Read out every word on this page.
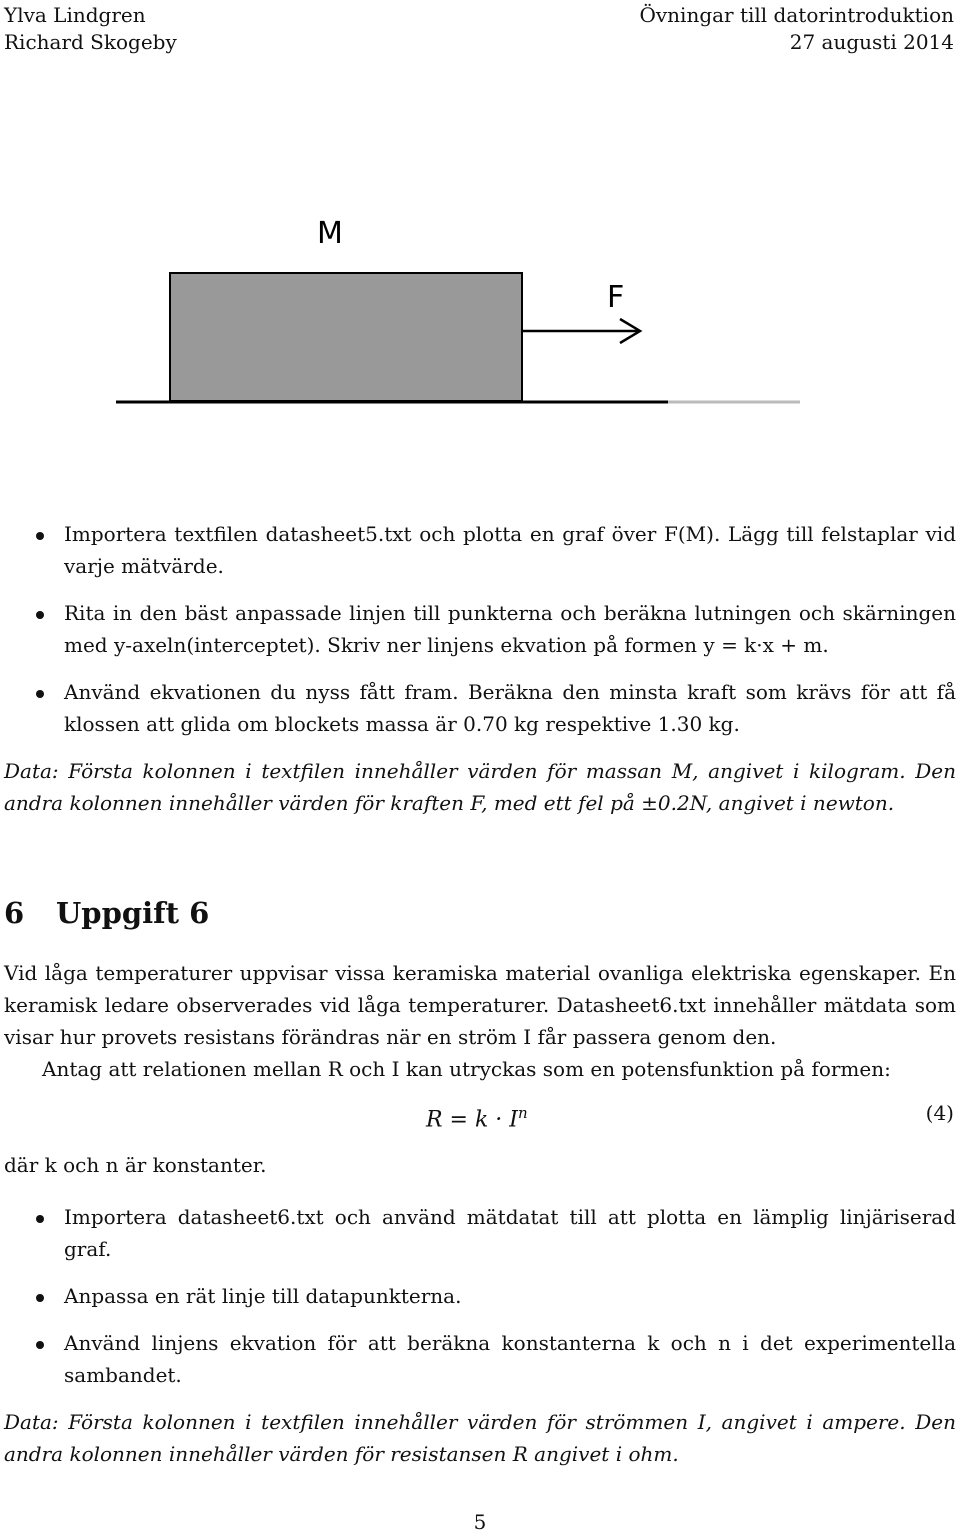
Ylva Lindgren
Richard Skogeby
Övningar till datorintroduktion
27 augusti 2014
M
F
Importera textfilen datasheet5.txt och plotta en graf över F(M). Lägg till felstaplar vid varje mätvärde.
Rita in den bäst anpassade linjen till punkterna och beräkna lutningen och skärningen med y-axeln(interceptet). Skriv ner linjens ekvation på formen y = k·x + m.
Använd ekvationen du nyss fått fram. Beräkna den minsta kraft som krävs för att få klossen att glida om blockets massa är 0.70 kg respektive 1.30 kg.

Data: Första kolonnen i textfilen innehåller värden för massan M, angivet i kilogram. Den andra kolonnen innehåller värden för kraften F, med ett fel på ±0.2N, angivet i newton.

6 Uppgift 6

Vid låga temperaturer uppvisar vissa keramiska material ovanliga elektriska egenskaper. En keramisk ledare observerades vid låga temperaturer. Datasheet6.txt innehåller mätdata som visar hur provets resistans förändras när en ström I får passera genom den.

Antag att relationen mellan R och I kan utryckas som en potensfunktion på formen:

$R = k \cdot I^n$	(4)

där k och n är konstanter.

Importera datasheet6.txt och använd mätdatat till att plotta en lämplig linjäriserad graf.
Anpassa en rät linje till datapunkterna.
Använd linjens ekvation för att beräkna konstanterna k och n i det experimentella sambandet.

Data: Första kolonnen i textfilen innehåller värden för strömmen I, angivet i ampere. Den andra kolonnen innehåller värden för resistansen R angivet i ohm.

5
